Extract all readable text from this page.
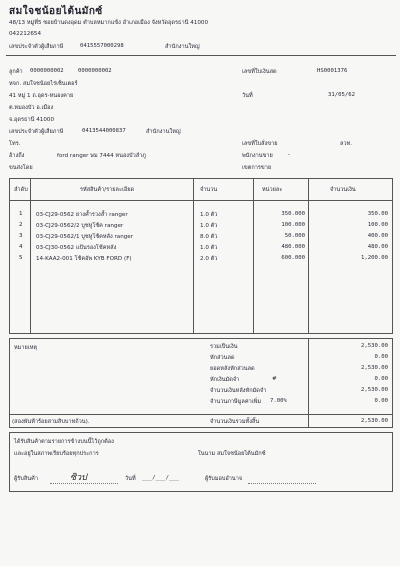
สมใจชน้อยไต้นมักซ์
48/13 หมู่ที่5 ซอยบ้านดงอุดม ตำบลหมากแข้ง อำเภอเมือง จังหวัดอุดรธานี 41000
042212654
เลขประจำตัวผู้เสียภาษี	0415557000298	สำนักงานใหญ่
ลูกค้า 0000000002	0000000002
หจก. สมใจชน้อยไร่เซ็นเตอร์
41 หมู่ 1 ถ.อุดร-หนองคาย
ต.หมองบัว อ.เมือง
จ.อุดรธานี 41000
เลขประจำตัวผู้เสียภาษี	0413544000837	สำนักงานใหญ่
เลขที่ใบเงินสด	HS0001376
วันที่	31/05/62
โทร.
อ้างถึง	ford ranger ษม 7444 หนองบัวลำภู
ขนส่งโดย
เลขที่ใบสั่งขาย
พนักงานขาย
เขตการขาย
ลวท.
-
ลำดับ	รหัสสินค้า/รายละเอียด	จำนวน	หน่วยละ	จำนวนเงิน
1 03-CJ29-0562 ยางค้ำรวงล้ำ ranger	1.0 ตัว	350.000	350.00
2 03-CJ29-0562/2 บูชหูโช้ค ranger	1.0 ตัว	100.000	100.00
3 03-CJ29-0562/1 บูชหูโช้คหลัง ranger	8.0 ตัว	50.000	400.00
4 03-CJ30-0562 แป้นรองโช้คหลัง	1.0 ตัว	480.000	480.00
5 14-KAA2-001 โช้คอัพ KYB FORD (F)	2.0 ตัว	600.000	1,200.00
หมายเหตุ	รวมเป็นเงิน	2,530.00
หักส่วนลด	0.00
ยอดหลังหักส่วนลด	2,530.00
หักเงินมัดจำ	#	0.00
จำนวนเงินหลังหักมัดจำ	2,530.00
จำนวนภาษีมูลค่าเพิ่ม 7.00%	0.00
จำนวนเงินรวมทั้งสิ้น	2,530.00
(สองพันห้าร้อยสามสิบบาทถ้วน).
ได้รับสินค้าตามรายการข้างบนนี้ไว้ถูกต้อง
และอยู่ในสภาพเรียบร้อยทุกประการ	ในนาม สมใจชน้อยไต้นมักซ์
ผู้รับสินค้า	ซิวป	วันที่ ___/___/___	ผู้รับมอบอำนาจ
